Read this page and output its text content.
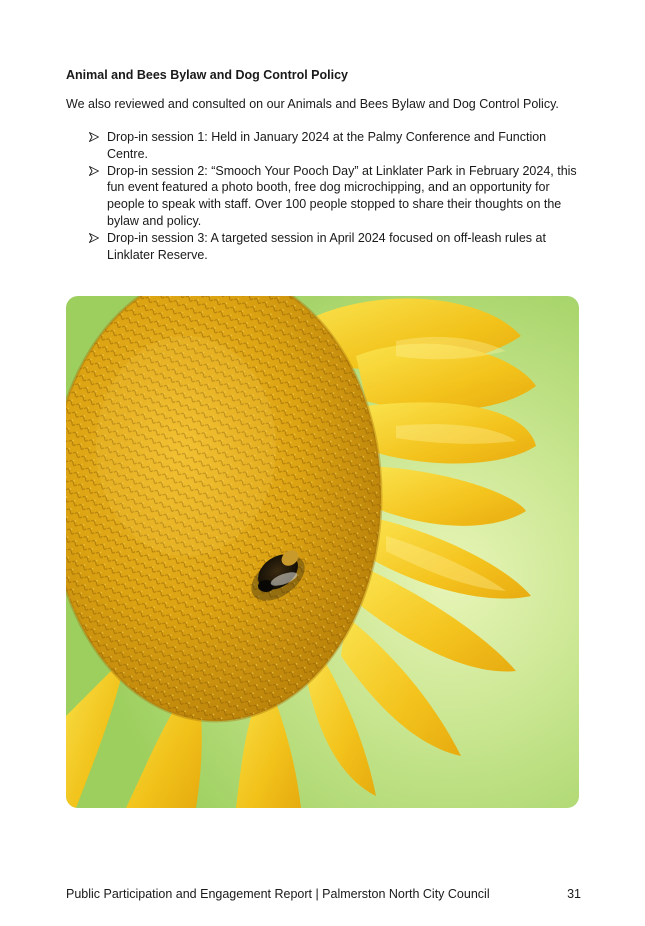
Animal and Bees Bylaw and Dog Control Policy
We also reviewed and consulted on our Animals and Bees Bylaw and Dog Control Policy.
Drop-in session 1: Held in January 2024 at the Palmy Conference and Function Centre.
Drop-in session 2: “Smooch Your Pooch Day” at Linklater Park in February 2024, this fun event featured a photo booth, free dog microchipping, and an opportunity for people to speak with staff. Over 100 people stopped to share their thoughts on the bylaw and policy.
Drop-in session 3: A targeted session in April 2024 focused on off-leash rules at Linklater Reserve.
Public Participation and Engagement Report | Palmerston North City Council	31
